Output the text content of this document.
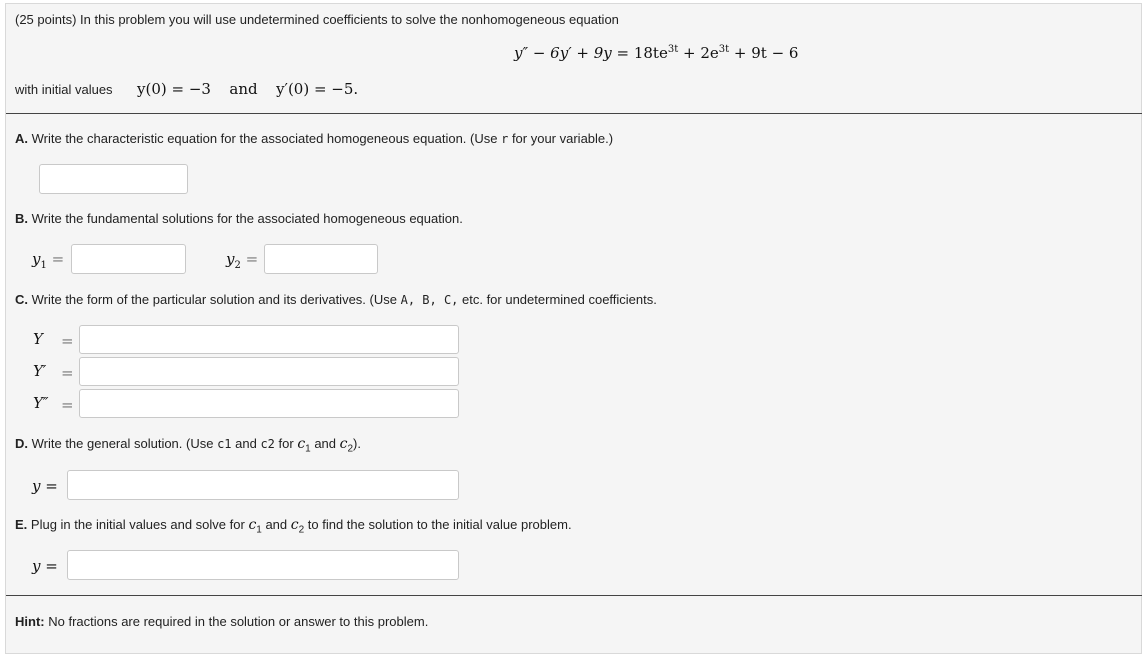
(25 points) In this problem you will use undetermined coefficients to solve the nonhomogeneous equation
$y'' - 6y' + 9y = 18te^{3t} + 2e^{3t} + 9t - 6$
with initial values y(0) = −3 and y′(0) = −5.
A. Write the characteristic equation for the associated homogeneous equation. (Use r for your variable.)
B. Write the fundamental solutions for the associated homogeneous equation.
$y_1$ =	$y_2$ =
C. Write the form of the particular solution and its derivatives. (Use A, B, C, etc. for undetermined coefficients.
Y =
Y′ =
Y″ =
D. Write the general solution. (Use c1 and c2 for $c_1$ and $c_2$).
y =
E. Plug in the initial values and solve for $c_1$ and $c_2$ to find the solution to the initial value problem.
y =
Hint: No fractions are required in the solution or answer to this problem.
